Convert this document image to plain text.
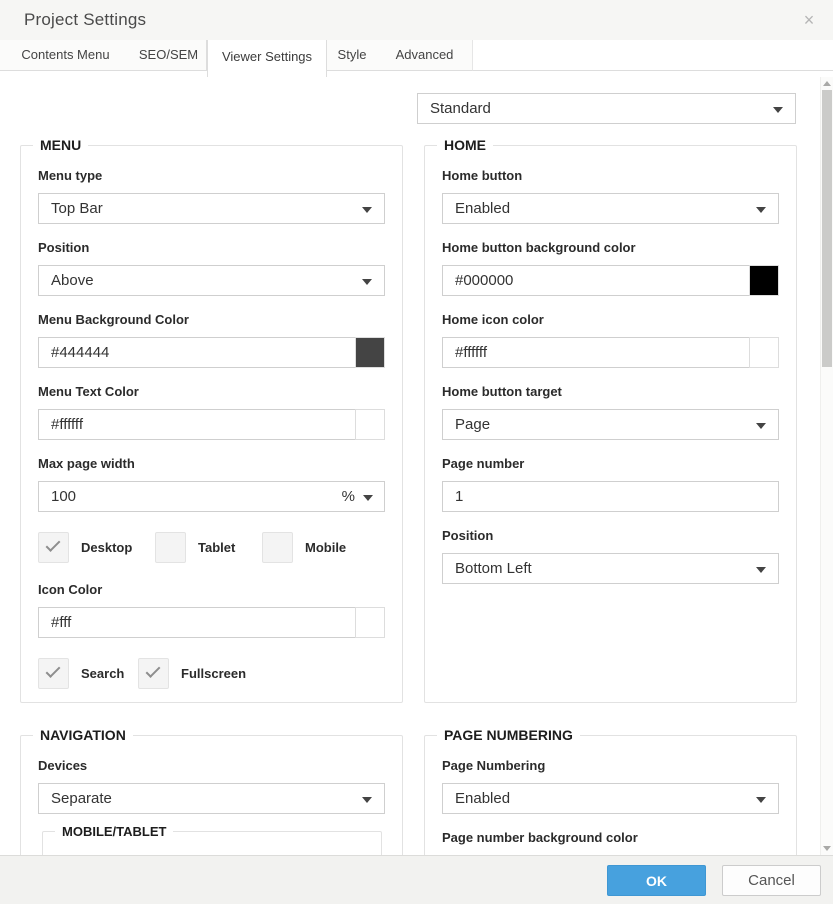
Project Settings	×
Contents Menu	SEO/SEM	Viewer Settings	Style	Advanced
Standard
MENU
Menu type
Top Bar
Position
Above
Menu Background Color
#444444
Menu Text Color
#ffffff
Max page width
100
%
Desktop	Tablet	Mobile
Icon Color
#fff
Search	Fullscreen
HOME
Home button
Enabled
Home button background color
#000000
Home icon color
#ffffff
Home button target
Page
Page number
1
Position
Bottom Left
NAVIGATION
Devices
Separate
MOBILE/TABLET
PAGE NUMBERING
Page Numbering
Enabled
Page number background color
OK	Cancel
